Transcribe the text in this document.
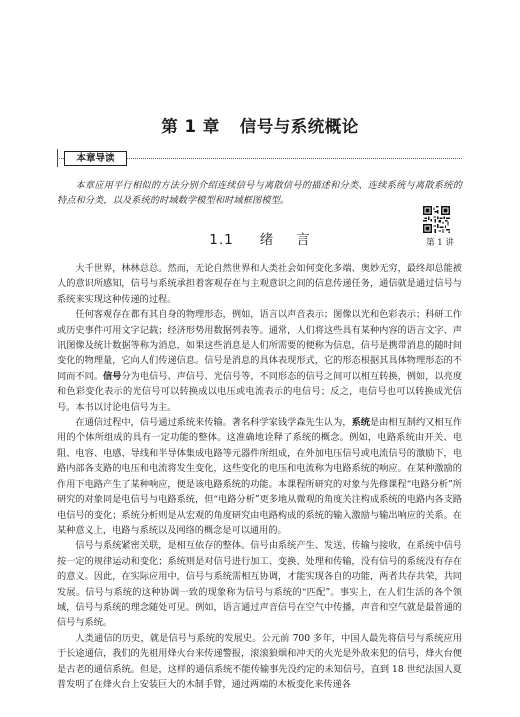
第 1 章 信号与系统概论
本章导读
本章应用平行相似的方法分别介绍连续信号与离散信号的描述和分类、连续系统与离散系统的特点和分类，以及系统的时域数学模型和时域框图模型。
第 1 讲
1.1 绪 言

大千世界，林林总总。然而，无论自然世界和人类社会如何变化多端、奥妙无穷，最终却总能被人的意识所感知，信号与系统承担着客观存在与主观意识之间的信息传递任务，通信就是通过信号与系统来实现这种传递的过程。

任何客观存在都有其自身的物理形态，例如，语言以声音表示；图像以光和色彩表示；科研工作或历史事件可用文字记载；经济形势用数据列表等。通常，人们将这些具有某种内容的语言文字、声讯图像及统计数据等称为消息，如果这些消息是人们所需要的便称为信息，信号是携带消息的随时间变化的物理量，它向人们传递信息。信号是消息的具体表现形式，它的形态根据其具体物理形态的不同而不同。信号分为电信号、声信号、光信号等，不同形态的信号之间可以相互转换，例如，以亮度和色彩变化表示的光信号可以转换成以电压或电流表示的电信号；反之，电信号也可以转换成光信号。本书以讨论电信号为主。

在通信过程中，信号通过系统来传输。著名科学家钱学森先生认为，系统是由相互制约又相互作用的个体所组成的具有一定功能的整体。这准确地诠释了系统的概念。例如，电路系统由开关、电阻、电容、电感、导线和半导体集成电路等元器件所组成，在外加电压信号或电流信号的激励下，电路内部各支路的电压和电流将发生变化，这些变化的电压和电流称为电路系统的响应。在某种激励的作用下电路产生了某种响应，便是该电路系统的功能。本课程所研究的对象与先修课程“电路分析”所研究的对象同是电信号与电路系统，但“电路分析”更多地从微观的角度关注构成系统的电路内各支路电信号的变化；系统分析则是从宏观的角度研究由电路构成的系统的输入激励与输出响应的关系。在某种意义上，电路与系统以及网络的概念是可以通用的。

信号与系统紧密关联，是相互依存的整体。信号由系统产生、发送、传输与接收，在系统中信号按一定的规律运动和变化；系统则是对信号进行加工、变换、处理和传输，没有信号的系统没有存在的意义。因此，在实际应用中，信号与系统需相互协调，才能实现各自的功能，两者共存共荣，共同发展。信号与系统的这种协调一致的现象称为信号与系统的“匹配”。事实上，在人们生活的各个领域，信号与系统的理念随处可见。例如，语言通过声音信号在空气中传播，声音和空气就是最普通的信号与系统。

人类通信的历史，就是信号与系统的发展史。公元前 700 多年，中国人最先将信号与系统应用于长途通信，我们的先祖用烽火台来传递警报，滚滚狼烟和冲天的火光是外敌来犯的信号，烽火台便是古老的通信系统。但是，这样的通信系统不能传输事先没约定的未知信号，直到 18 世纪法国人夏普发明了在烽火台上安装巨大的木制手臂，通过两端的木板变化来传递各
